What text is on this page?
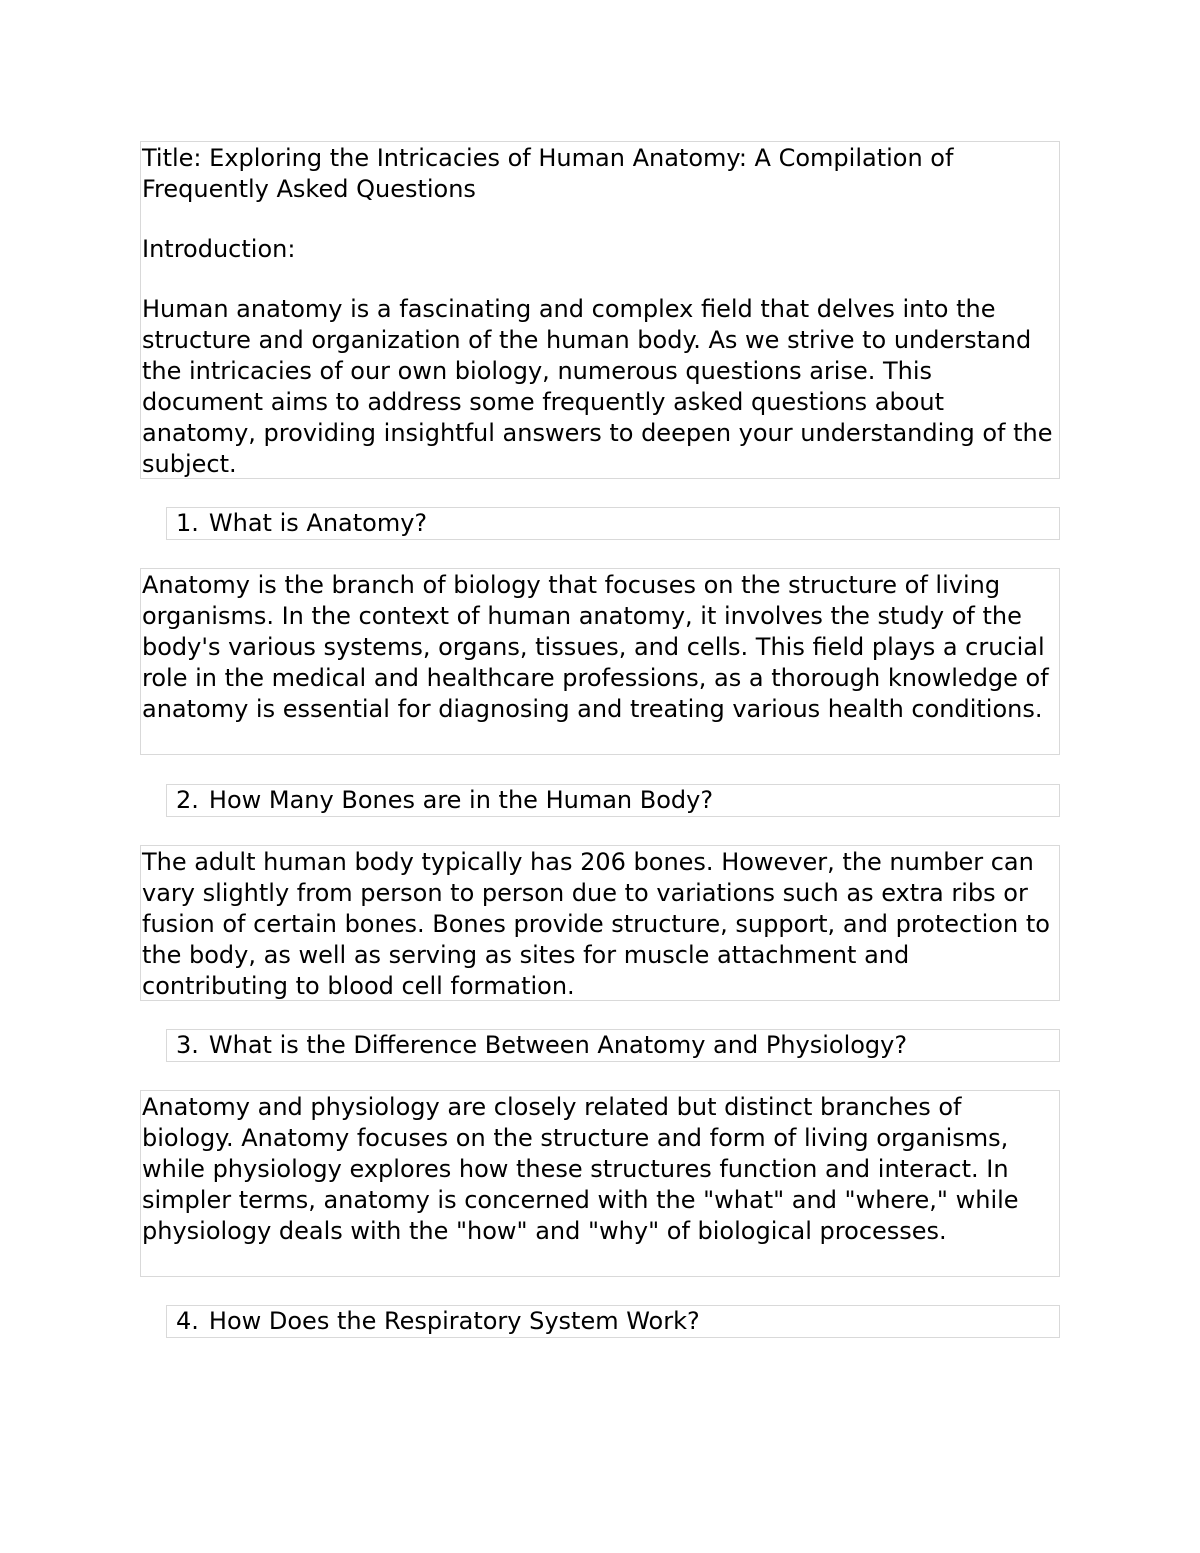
Title: Exploring the Intricacies of Human Anatomy: A Compilation of
Frequently Asked Questions
Introduction:
Human anatomy is a fascinating and complex field that delves into the structure and organization of the human body. As we strive to understand the intricacies of our own biology, numerous questions arise. This document aims to address some frequently asked questions about anatomy, providing insightful answers to deepen your understanding of the subject.
1. What is Anatomy?
Anatomy is the branch of biology that focuses on the structure of living organisms. In the context of human anatomy, it involves the study of the body's various systems, organs, tissues, and cells. This field plays a crucial role in the medical and healthcare professions, as a thorough knowledge of anatomy is essential for diagnosing and treating various health conditions.
2. How Many Bones are in the Human Body?
The adult human body typically has 206 bones. However, the number can vary slightly from person to person due to variations such as extra ribs or fusion of certain bones. Bones provide structure, support, and protection to the body, as well as serving as sites for muscle attachment and contributing to blood cell formation.
3. What is the Difference Between Anatomy and Physiology?
Anatomy and physiology are closely related but distinct branches of biology. Anatomy focuses on the structure and form of living organisms, while physiology explores how these structures function and interact. In simpler terms, anatomy is concerned with the "what" and "where," while physiology deals with the "how" and "why" of biological processes.
4. How Does the Respiratory System Work?
